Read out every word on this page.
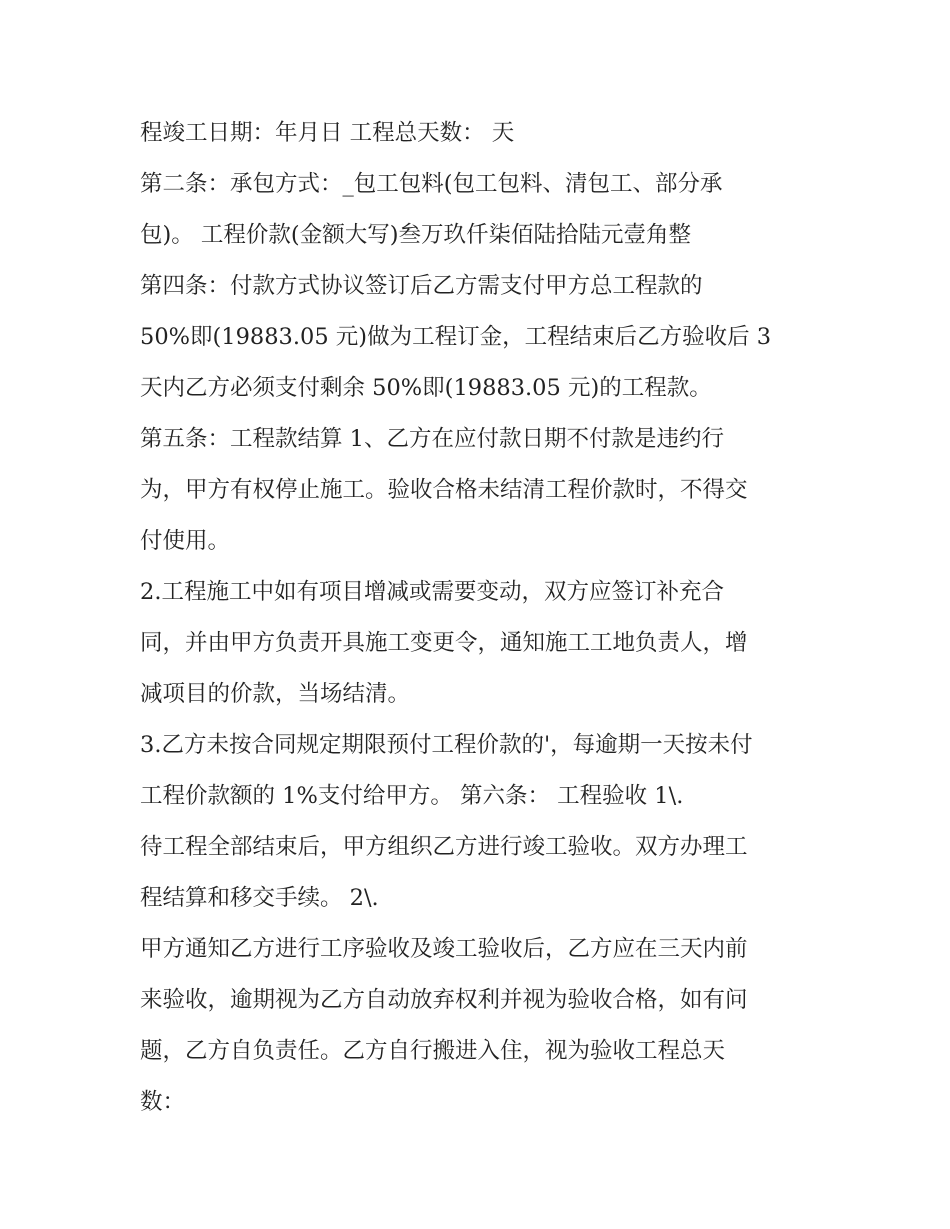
程竣工日期：年月日 工程总天数： 天
第二条：承包方式：_包工包料(包工包料、清包工、部分承
包)。 工程价款(金额大写)叁万玖仟柒佰陆拾陆元壹角整
第四条：付款方式协议签订后乙方需支付甲方总工程款的
50%即(19883.05 元)做为工程订金，工程结束后乙方验收后 3
天内乙方必须支付剩余 50%即(19883.05 元)的工程款。
第五条：工程款结算 1、乙方在应付款日期不付款是违约行
为，甲方有权停止施工。验收合格未结清工程价款时，不得交
付使用。
2.工程施工中如有项目增减或需要变动，双方应签订补充合
同，并由甲方负责开具施工变更令，通知施工工地负责人，增
减项目的价款，当场结清。
3.乙方未按合同规定期限预付工程价款的'，每逾期一天按未付
工程价款额的 1%支付给甲方。 第六条： 工程验收 1\.
待工程全部结束后，甲方组织乙方进行竣工验收。双方办理工
程结算和移交手续。 2\.
甲方通知乙方进行工序验收及竣工验收后，乙方应在三天内前
来验收，逾期视为乙方自动放弃权利并视为验收合格，如有问
题，乙方自负责任。乙方自行搬进入住，视为验收工程总天
数：
